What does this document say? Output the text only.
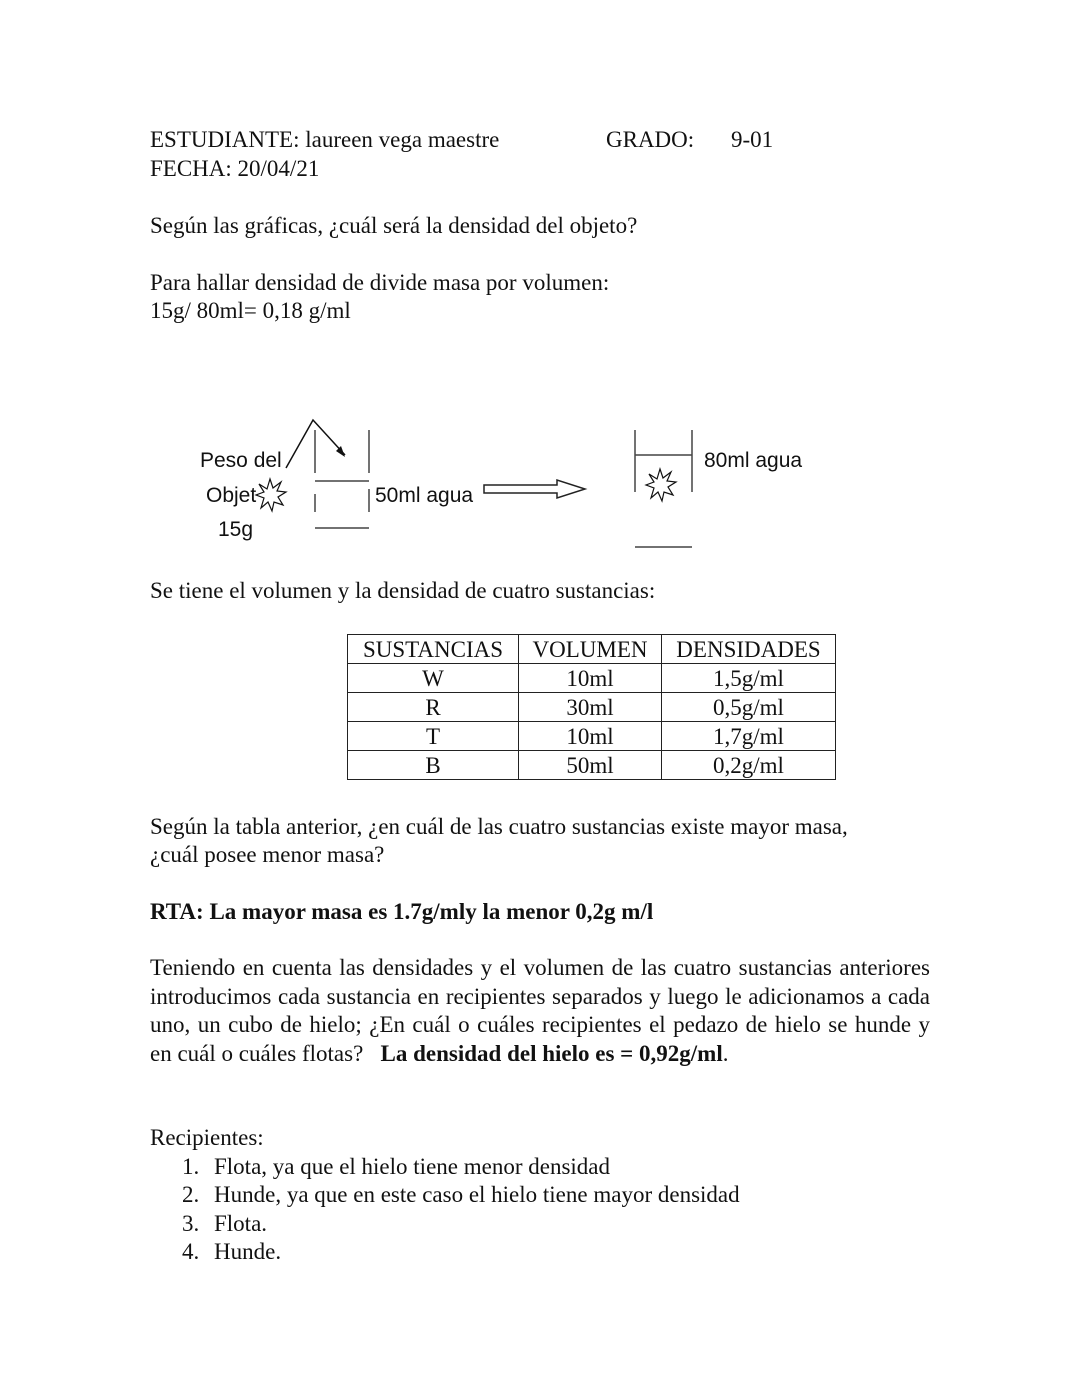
ESTUDIANTE: laureen vega maestre	GRADO: 9-01
FECHA: 20/04/21
Según las gráficas, ¿cuál será la densidad del objeto?
Para hallar densidad de divide masa por volumen:
15g/ 80ml= 0,18 g/ml
Peso del
Objet
15g
50ml agua
80ml agua
Se tiene el volumen y la densidad de cuatro sustancias:
SUSTANCIAS	VOLUMEN	DENSIDADES
W	10ml	1,5g/ml
R	30ml	0,5g/ml
T	10ml	1,7g/ml
B	50ml	0,2g/ml
Según la tabla anterior, ¿en cuál de las cuatro sustancias existe mayor masa,
¿cuál posee menor masa?
RTA: La mayor masa es 1.7g/mly la menor 0,2g m/l
Teniendo en cuenta las densidades y el volumen de las cuatro sustancias anteriores introducimos cada sustancia en recipientes separados y luego le adicionamos a cada uno, un cubo de hielo; ¿En cuál o cuáles recipientes el pedazo de hielo se hunde y en cuál o cuáles flotas? La densidad del hielo es = 0,92g/ml.
Recipientes:
1. Flota, ya que el hielo tiene menor densidad
2. Hunde, ya que en este caso el hielo tiene mayor densidad
3. Flota.
4. Hunde.
